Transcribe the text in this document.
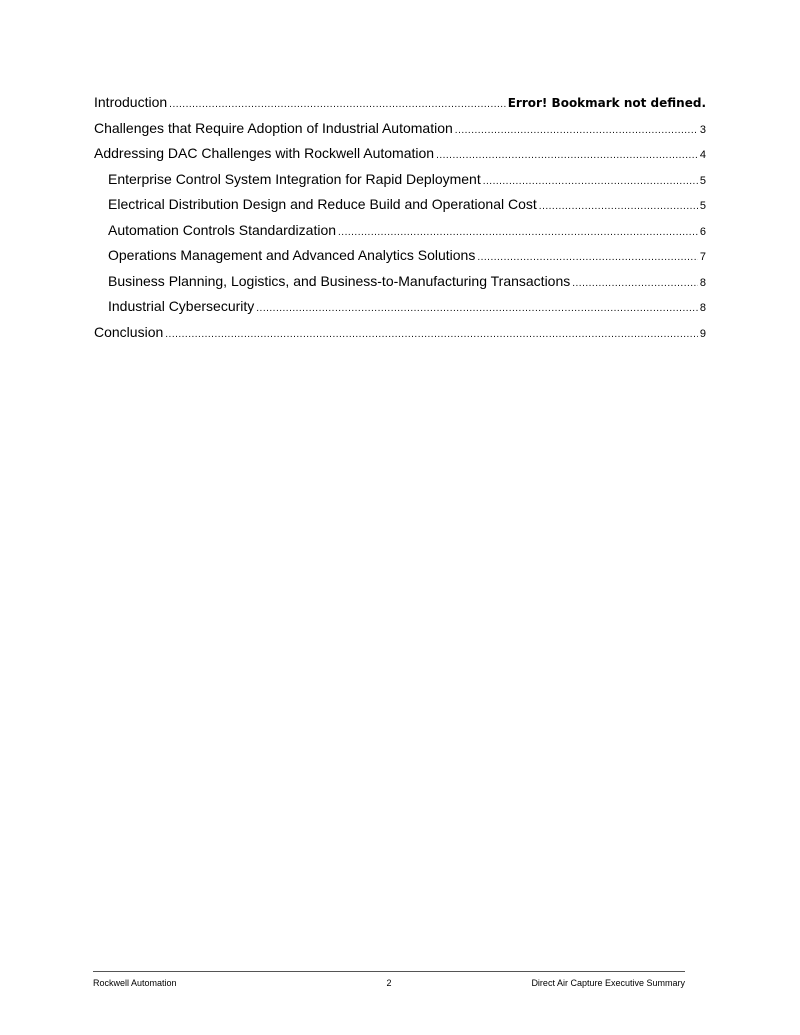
Introduction .....	Error! Bookmark not defined.
Challenges that Require Adoption of Industrial Automation .....	3
Addressing DAC Challenges with Rockwell Automation .....	4
Enterprise Control System Integration for Rapid Deployment .....	5
Electrical Distribution Design and Reduce Build and Operational Cost .....	5
Automation Controls Standardization .....	6
Operations Management and Advanced Analytics Solutions .....	7
Business Planning, Logistics, and Business-to-Manufacturing Transactions .....	8
Industrial Cybersecurity .....	8
Conclusion .....	9
Rockwell Automation	2	Direct Air Capture Executive Summary
